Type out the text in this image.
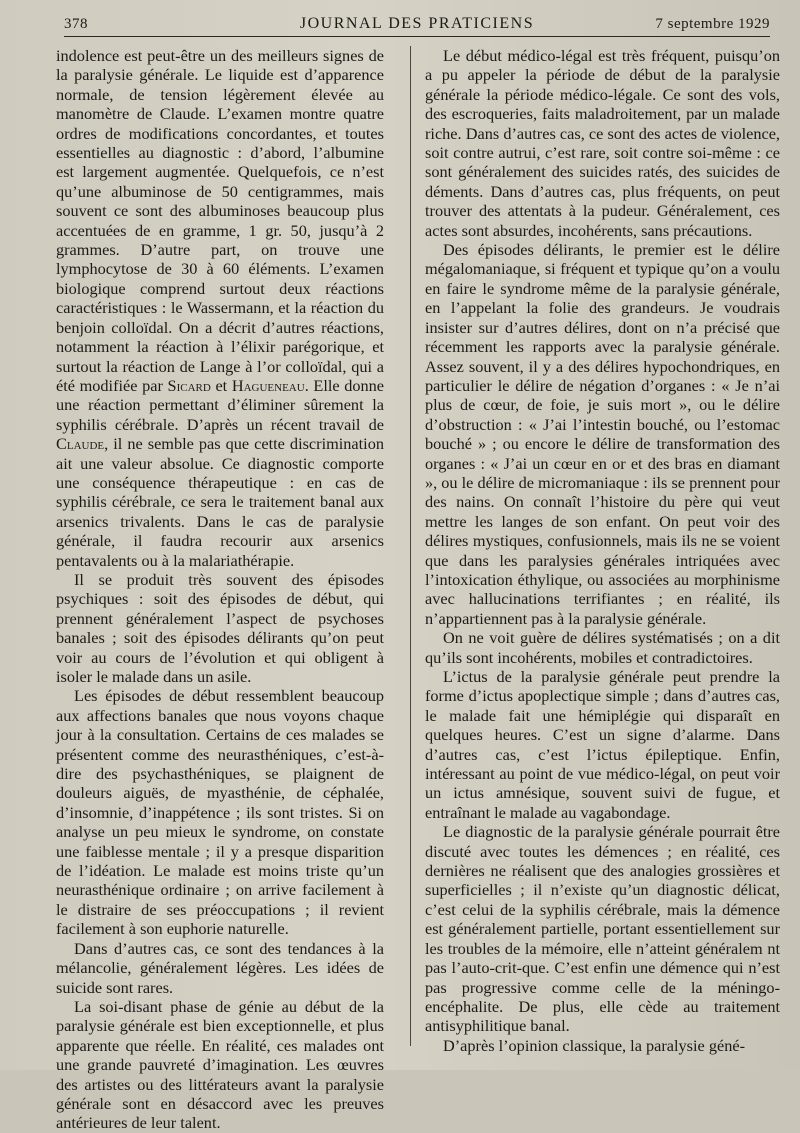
378	JOURNAL DES PRATICIENS	7 septembre 1929

indolence est peut-être un des meilleurs signes de la paralysie générale. Le liquide est d’apparence normale, de tension légèrement élevée au manomètre de Claude. L’examen montre quatre ordres de modifications concordantes, et toutes essentielles au diagnostic : d’abord, l’albumine est largement augmentée. Quelquefois, ce n’est qu’une albuminose de 50 centigrammes, mais souvent ce sont des albuminoses beaucoup plus accentuées de en gramme, 1 gr. 50, jusqu’à 2 grammes. D’autre part, on trouve une lymphocytose de 30 à 60 éléments. L’examen biologique comprend surtout deux réactions caractéristiques : le Wassermann, et la réaction du benjoin colloïdal. On a décrit d’autres réactions, notamment la réaction à l’élixir parégorique, et surtout la réaction de Lange à l’or colloïdal, qui a été modifiée par Sicard et Hagueneau. Elle donne une réaction permettant d’éliminer sûrement la syphilis cérébrale. D’après un récent travail de Claude, il ne semble pas que cette discrimination ait une valeur absolue. Ce diagnostic comporte une conséquence thérapeutique : en cas de syphilis cérébrale, ce sera le traitement banal aux arsenics trivalents. Dans le cas de paralysie générale, il faudra recourir aux arsenics pentavalents ou à la malariathérapie.

Il se produit très souvent des épisodes psychiques : soit des épisodes de début, qui prennent généralement l’aspect de psychoses banales ; soit des épisodes délirants qu’on peut voir au cours de l’évolution et qui obligent à isoler le malade dans un asile.

Les épisodes de début ressemblent beaucoup aux affections banales que nous voyons chaque jour à la consultation. Certains de ces malades se présentent comme des neurasthéniques, c’est-à-dire des psychasthéniques, se plaignent de douleurs aiguës, de myasthénie, de céphalée, d’insomnie, d’inappétence ; ils sont tristes. Si on analyse un peu mieux le syndrome, on constate une faiblesse mentale ; il y a presque disparition de l’idéation. Le malade est moins triste qu’un neurasthénique ordinaire ; on arrive facilement à le distraire de ses préoccupations ; il revient facilement à son euphorie naturelle.

Dans d’autres cas, ce sont des tendances à la mélancolie, généralement légères. Les idées de suicide sont rares.

La soi-disant phase de génie au début de la paralysie générale est bien exceptionnelle, et plus apparente que réelle. En réalité, ces malades ont une grande pauvreté d’imagination. Les œuvres des artistes ou des littérateurs avant la paralysie générale sont en désaccord avec les preuves antérieures de leur talent.

Le début médico-légal est très fréquent, puisqu’on a pu appeler la période de début de la paralysie générale la période médico-légale. Ce sont des vols, des escroqueries, faits maladroitement, par un malade riche. Dans d’autres cas, ce sont des actes de violence, soit contre autrui, c’est rare, soit contre soi-même : ce sont généralement des suicides ratés, des suicides de déments. Dans d’autres cas, plus fréquents, on peut trouver des attentats à la pudeur. Généralement, ces actes sont absurdes, incohérents, sans précautions.

Des épisodes délirants, le premier est le délire mégalomaniaque, si fréquent et typique qu’on a voulu en faire le syndrome même de la paralysie générale, en l’appelant la folie des grandeurs. Je voudrais insister sur d’autres délires, dont on n’a précisé que récemment les rapports avec la paralysie générale. Assez souvent, il y a des délires hypochondriques, en particulier le délire de négation d’organes : « Je n’ai plus de cœur, de foie, je suis mort », ou le délire d’obstruction : « J’ai l’intestin bouché, ou l’estomac bouché » ; ou encore le délire de transformation des organes : « J’ai un cœur en or et des bras en diamant », ou le délire de micromaniaque : ils se prennent pour des nains. On connaît l’histoire du père qui veut mettre les langes de son enfant. On peut voir des délires mystiques, confusionnels, mais ils ne se voient que dans les paralysies générales intriquées avec l’intoxication éthylique, ou associées au morphinisme avec hallucinations terrifiantes ; en réalité, ils n’appartiennent pas à la paralysie générale.

On ne voit guère de délires systématisés ; on a dit qu’ils sont incohérents, mobiles et contradictoires.

L’ictus de la paralysie générale peut prendre la forme d’ictus apoplectique simple ; dans d’autres cas, le malade fait une hémiplégie qui disparaît en quelques heures. C’est un signe d’alarme. Dans d’autres cas, c’est l’ictus épileptique. Enfin, intéressant au point de vue médico-légal, on peut voir un ictus amnésique, souvent suivi de fugue, et entraînant le malade au vagabondage.

Le diagnostic de la paralysie générale pourrait être discuté avec toutes les démences ; en réalité, ces dernières ne réalisent que des analogies grossières et superficielles ; il n’existe qu’un diagnostic délicat, c’est celui de la syphilis cérébrale, mais la démence est généralement partielle, portant essentiellement sur les troubles de la mémoire, elle n’atteint généralem nt pas l’auto-crit-que. C’est enfin une démence qui n’est pas progressive comme celle de la méningo-encéphalite. De plus, elle cède au traitement antisyphilitique banal.

D’après l’opinion classique, la paralysie géné-
